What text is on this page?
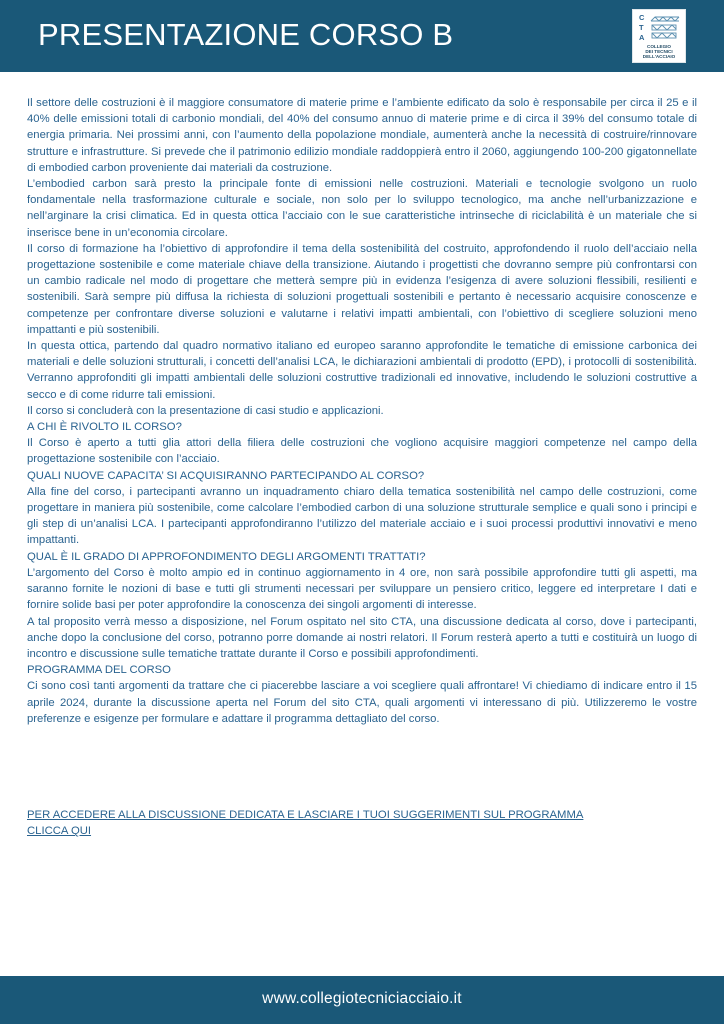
PRESENTAZIONE CORSO B	C
T
A
COLLEGIO
DEI TECNICI
DELL'ACCIAIO

Il settore delle costruzioni è il maggiore consumatore di materie prime e l’ambiente edificato da solo è responsabile per circa il 25 e il 40% delle emissioni totali di carbonio mondiali, del 40% del consumo annuo di materie prime e di circa il 39% del consumo totale di energia primaria. Nei prossimi anni, con l’aumento della popolazione mondiale, aumenterà anche la necessità di costruire/rinnovare strutture e infrastrutture. Si prevede che il patrimonio edilizio mondiale raddoppierà entro il 2060, aggiungendo 100-200 gigatonnellate di embodied carbon proveniente dai materiali da costruzione.

L’embodied carbon sarà presto la principale fonte di emissioni nelle costruzioni. Materiali e tecnologie svolgono un ruolo fondamentale nella trasformazione culturale e sociale, non solo per lo sviluppo tecnologico, ma anche nell’urbanizzazione e nell’arginare la crisi climatica. Ed in questa ottica l’acciaio con le sue caratteristiche intrinseche di riciclabilità è un materiale che si inserisce bene in un’economia circolare.

Il corso di formazione ha l’obiettivo di approfondire il tema della sostenibilità del costruito, approfondendo il ruolo dell’acciaio nella progettazione sostenibile e come materiale chiave della transizione. Aiutando i progettisti che dovranno sempre più confrontarsi con un cambio radicale nel modo di progettare che metterà sempre più in evidenza l’esigenza di avere soluzioni flessibili, resilienti e sostenibili. Sarà sempre più diffusa la richiesta di soluzioni progettuali sostenibili e pertanto è necessario acquisire conoscenze e competenze per confrontare diverse soluzioni e valutarne i relativi impatti ambientali, con l’obiettivo di scegliere soluzioni meno impattanti e più sostenibili.

In questa ottica, partendo dal quadro normativo italiano ed europeo saranno approfondite le tematiche di emissione carbonica dei materiali e delle soluzioni strutturali, i concetti dell’analisi LCA, le dichiarazioni ambientali di prodotto (EPD), i protocolli di sostenibilità. Verranno approfonditi gli impatti ambientali delle soluzioni costruttive tradizionali ed innovative, includendo le soluzioni costruttive a secco e di come ridurre tali emissioni.

Il corso si concluderà con la presentazione di casi studio e applicazioni.

A CHI È RIVOLTO IL CORSO?

Il Corso è aperto a tutti glia attori della filiera delle costruzioni che vogliono acquisire maggiori competenze nel campo della progettazione sostenibile con l’acciaio.

QUALI NUOVE CAPACITA’ SI ACQUISIRANNO PARTECIPANDO AL CORSO?

Alla fine del corso, i partecipanti avranno un inquadramento chiaro della tematica sostenibilità nel campo delle costruzioni, come progettare in maniera più sostenibile, come calcolare l’embodied carbon di una soluzione strutturale semplice e quali sono i principi e gli step di un’analisi LCA. I partecipanti approfondiranno l’utilizzo del materiale acciaio e i suoi processi produttivi innovativi e meno impattanti.

QUAL È IL GRADO DI APPROFONDIMENTO DEGLI ARGOMENTI TRATTATI?

L’argomento del Corso è molto ampio ed in continuo aggiornamento in 4 ore, non sarà possibile approfondire tutti gli aspetti, ma saranno fornite le nozioni di base e tutti gli strumenti necessari per sviluppare un pensiero critico, leggere ed interpretare I dati e fornire solide basi per poter approfondire la conoscenza dei singoli argomenti di interesse.

A tal proposito verrà messo a disposizione, nel Forum ospitato nel sito CTA, una discussione dedicata al corso, dove i partecipanti, anche dopo la conclusione del corso, potranno porre domande ai nostri relatori. Il Forum resterà aperto a tutti e costituirà un luogo di incontro e discussione sulle tematiche trattate durante il Corso e possibili approfondimenti.

PROGRAMMA DEL CORSO

Ci sono così tanti argomenti da trattare che ci piacerebbe lasciare a voi scegliere quali affrontare! Vi chiediamo di indicare entro il 15 aprile 2024, durante la discussione aperta nel Forum del sito CTA, quali argomenti vi interessano di più. Utilizzeremo le vostre preferenze e esigenze per formulare e adattare il programma dettagliato del corso.

PER ACCEDERE ALLA DISCUSSIONE DEDICATA E LASCIARE I TUOI SUGGERIMENTI SUL PROGRAMMA
CLICCA QUI
www.collegiotecniciacciaio.it
